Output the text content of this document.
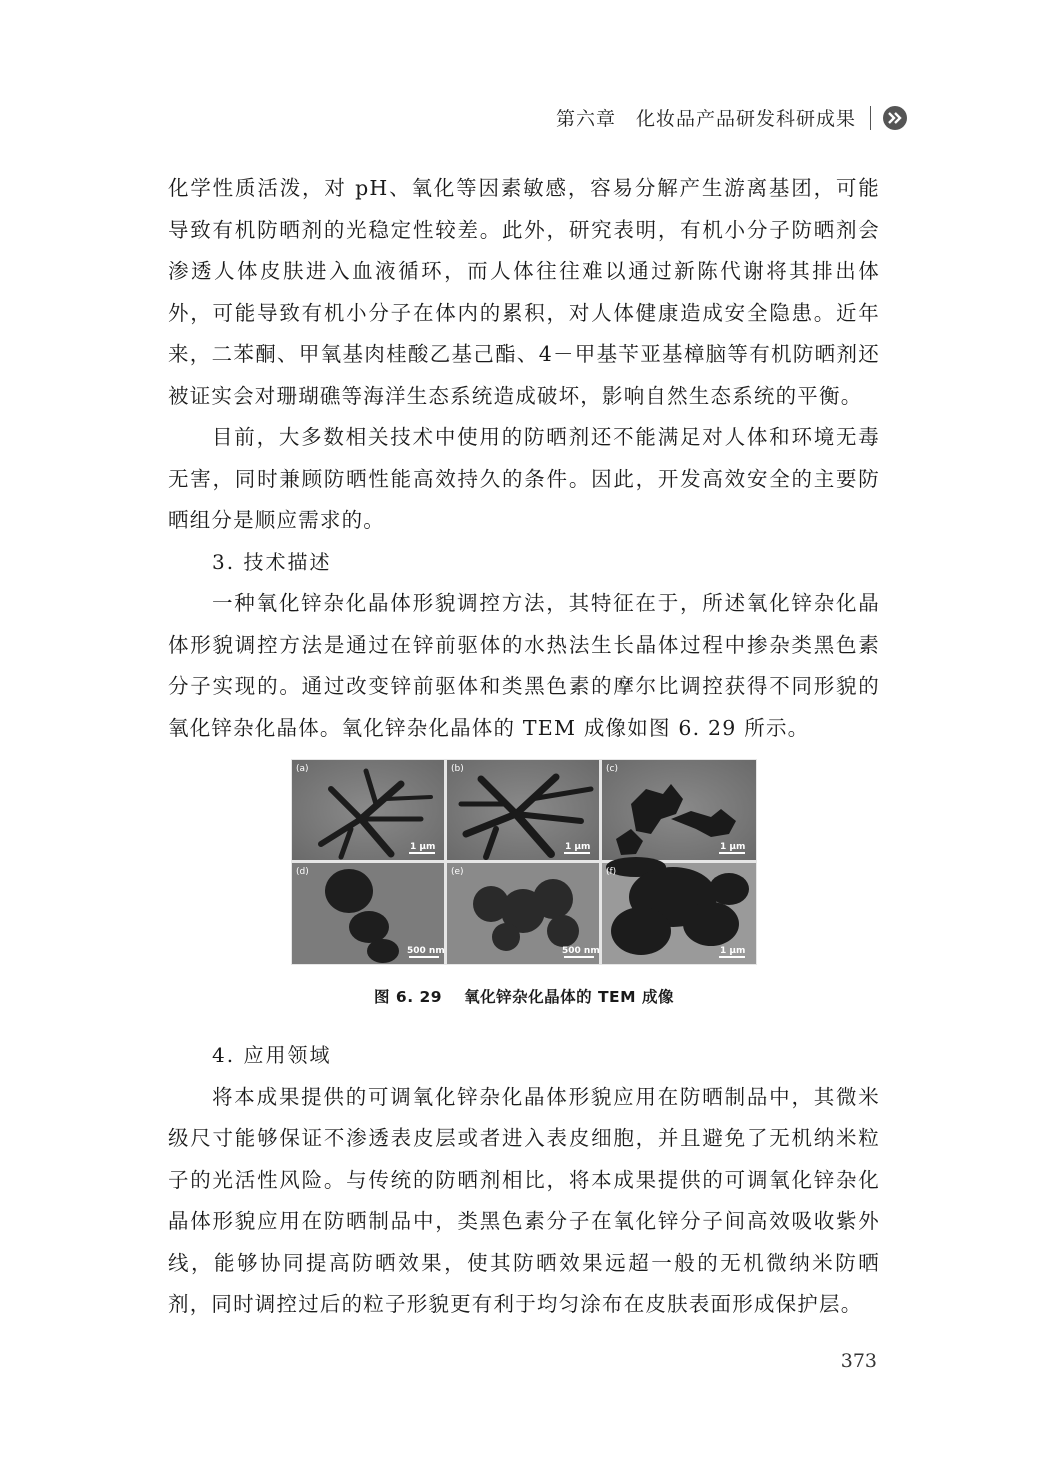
第六章 化妆品产品研发科研成果

化学性质活泼，对 pH、氧化等因素敏感，容易分解产生游离基团，可能导致有机防晒剂的光稳定性较差。此外，研究表明，有机小分子防晒剂会渗透人体皮肤进入血液循环，而人体往往难以通过新陈代谢将其排出体外，可能导致有机小分子在体内的累积，对人体健康造成安全隐患。近年来，二苯酮、甲氧基肉桂酸乙基己酯、4－甲基苄亚基樟脑等有机防晒剂还被证实会对珊瑚礁等海洋生态系统造成破坏，影响自然生态系统的平衡。

目前，大多数相关技术中使用的防晒剂还不能满足对人体和环境无毒无害，同时兼顾防晒性能高效持久的条件。因此，开发高效安全的主要防晒组分是顺应需求的。

3. 技术描述

一种氧化锌杂化晶体形貌调控方法，其特征在于，所述氧化锌杂化晶体形貌调控方法是通过在锌前驱体的水热法生长晶体过程中掺杂类黑色素分子实现的。通过改变锌前驱体和类黑色素的摩尔比调控获得不同形貌的氧化锌杂化晶体。氧化锌杂化晶体的 TEM 成像如图 6. 29 所示。

(a)
1 μm
(b)
1 μm
(c)
1 μm
(d)
500 nm
(e)
500 nm
(f)
1 μm
图 6. 29 氧化锌杂化晶体的 TEM 成像

4. 应用领域

将本成果提供的可调氧化锌杂化晶体形貌应用在防晒制品中，其微米级尺寸能够保证不渗透表皮层或者进入表皮细胞，并且避免了无机纳米粒子的光活性风险。与传统的防晒剂相比，将本成果提供的可调氧化锌杂化晶体形貌应用在防晒制品中，类黑色素分子在氧化锌分子间高效吸收紫外线，能够协同提高防晒效果，使其防晒效果远超一般的无机微纳米防晒剂，同时调控过后的粒子形貌更有利于均匀涂布在皮肤表面形成保护层。

373
